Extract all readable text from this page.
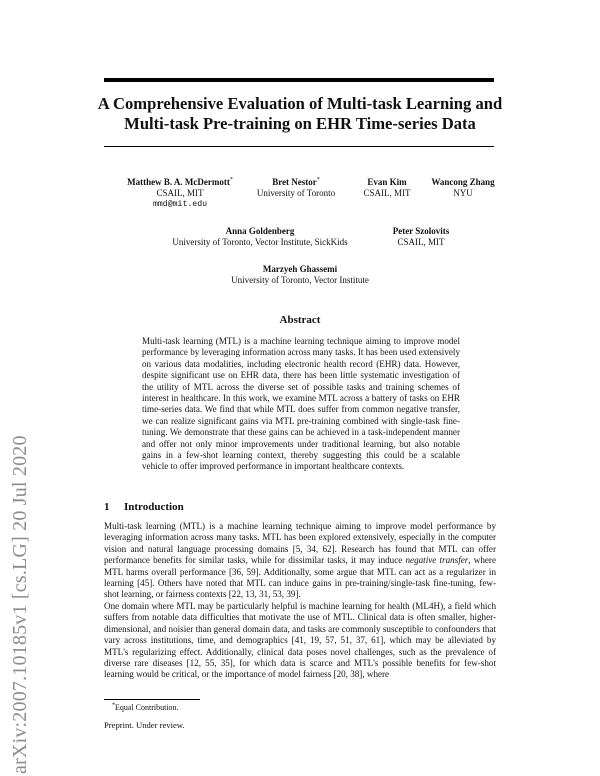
arXiv:2007.10185v1 [cs.LG] 20 Jul 2020
A Comprehensive Evaluation of Multi-task Learning and Multi-task Pre-training on EHR Time-series Data
Matthew B. A. McDermott*
CSAIL, MIT
mmd@mit.edu
Bret Nestor*
University of Toronto
Evan Kim
CSAIL, MIT
Wancong Zhang
NYU
Anna Goldenberg
University of Toronto, Vector Institute, SickKids
Peter Szolovits
CSAIL, MIT
Marzyeh Ghassemi
University of Toronto, Vector Institute
Abstract
Multi-task learning (MTL) is a machine learning technique aiming to improve model performance by leveraging information across many tasks. It has been used extensively on various data modalities, including electronic health record (EHR) data. However, despite significant use on EHR data, there has been little systematic investigation of the utility of MTL across the diverse set of possible tasks and training schemes of interest in healthcare. In this work, we examine MTL across a battery of tasks on EHR time-series data. We find that while MTL does suffer from common negative transfer, we can realize significant gains via MTL pre-training combined with single-task fine-tuning. We demonstrate that these gains can be achieved in a task-independent manner and offer not only minor improvements under traditional learning, but also notable gains in a few-shot learning context, thereby suggesting this could be a scalable vehicle to offer improved performance in important healthcare contexts.
1 Introduction
Multi-task learning (MTL) is a machine learning technique aiming to improve model performance by leveraging information across many tasks. MTL has been explored extensively, especially in the computer vision and natural language processing domains [5, 34, 62]. Research has found that MTL can offer performance benefits for similar tasks, while for dissimilar tasks, it may induce negative transfer, where MTL harms overall performance [36, 59]. Additionally, some argue that MTL can act as a regularizer in learning [45]. Others have noted that MTL can induce gains in pre-training/single-task fine-tuning, few-shot learning, or fairness contexts [22, 13, 31, 53, 39].
One domain where MTL may be particularly helpful is machine learning for health (ML4H), a field which suffers from notable data difficulties that motivate the use of MTL. Clinical data is often smaller, higher-dimensional, and noisier than general domain data, and tasks are commonly susceptible to confounders that vary across institutions, time, and demographics [41, 19, 57, 51, 37, 61], which may be alleviated by MTL's regularizing effect. Additionally, clinical data poses novel challenges, such as the prevalence of diverse rare diseases [12, 55, 35], for which data is scarce and MTL's possible benefits for few-shot learning would be critical, or the importance of model fairness [20, 38], where
*Equal Contribution.
Preprint. Under review.
